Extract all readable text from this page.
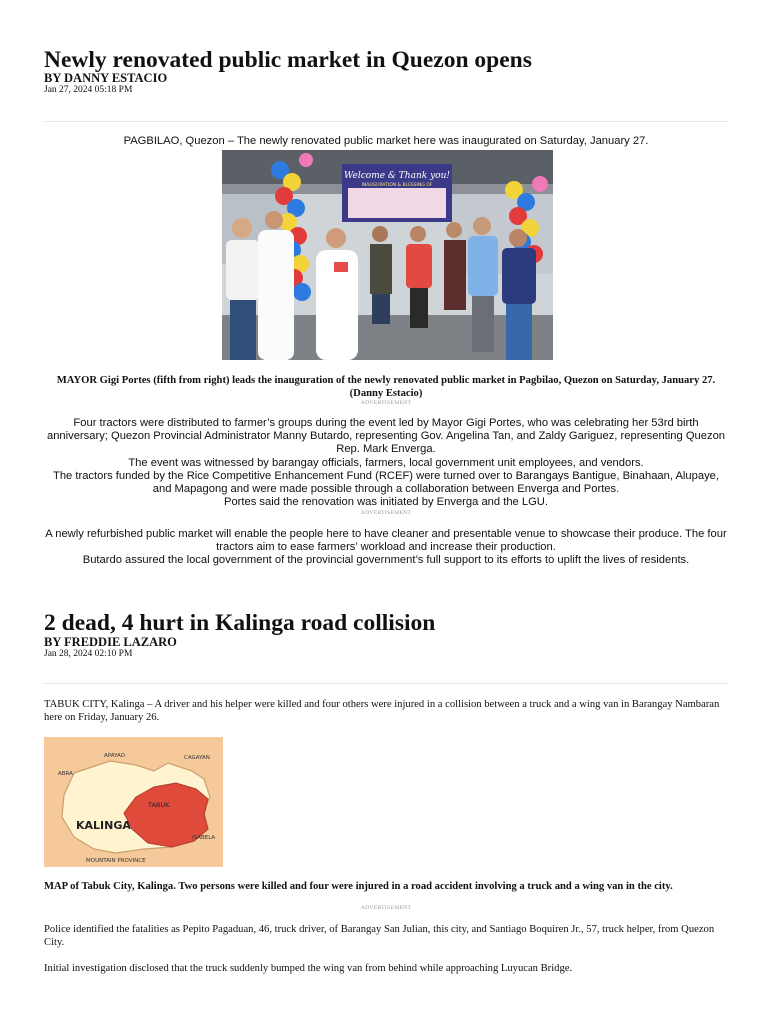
Newly renovated public market in Quezon opens
BY DANNY ESTACIO
Jan 27, 2024 05:18 PM
PAGBILAO, Quezon – The newly renovated public market here was inaugurated on Saturday, January 27.
Welcome & Thank you!
INAUGURATION & BLESSING OF
MAYOR Gigi Portes (fifth from right) leads the inauguration of the newly renovated public market in Pagbilao, Quezon on Saturday, January 27. (Danny Estacio)
ADVERTISEMENT

Four tractors were distributed to farmer’s groups during the event led by Mayor Gigi Portes, who was celebrating her 53rd birth anniversary; Quezon Provincial Administrator Manny Butardo, representing Gov. Angelina Tan, and Zaldy Gariguez, representing Quezon Rep. Mark Enverga.

The event was witnessed by barangay officials, farmers, local government unit employees, and vendors.

The tractors funded by the Rice Competitive Enhancement Fund (RCEF) were turned over to Barangays Bantigue, Binahaan, Alupaye, and Mapagong and were made possible through a collaboration between Enverga and Portes.

Portes said the renovation was initiated by Enverga and the LGU.

ADVERTISEMENT

A newly refurbished public market will enable the people here to have cleaner and presentable venue to showcase their produce. The four tractors aim to ease farmers’ workload and increase their production.

Butardo assured the local government of the provincial government’s full support to its efforts to uplift the lives of residents.

2 dead, 4 hurt in Kalinga road collision
BY FREDDIE LAZARO
Jan 28, 2024 02:10 PM
TABUK CITY, Kalinga – A driver and his helper were killed and four others were injured in a collision between a truck and a wing van in Barangay Nambaran here on Friday, January 26.
APAYAO	CAGAYAN
ABRA
ISABELA
MOUNTAIN PROVINCE
TABUK
KALINGA
MAP of Tabuk City, Kalinga. Two persons were killed and four were injured in a road accident involving a truck and a wing van in the city.
ADVERTISEMENT
Police identified the fatalities as Pepito Pagaduan, 46, truck driver, of Barangay San Julian, this city, and Santiago Boquiren Jr., 57, truck helper, from Quezon City.
Initial investigation disclosed that the truck suddenly bumped the wing van from behind while approaching Luyucan Bridge.
